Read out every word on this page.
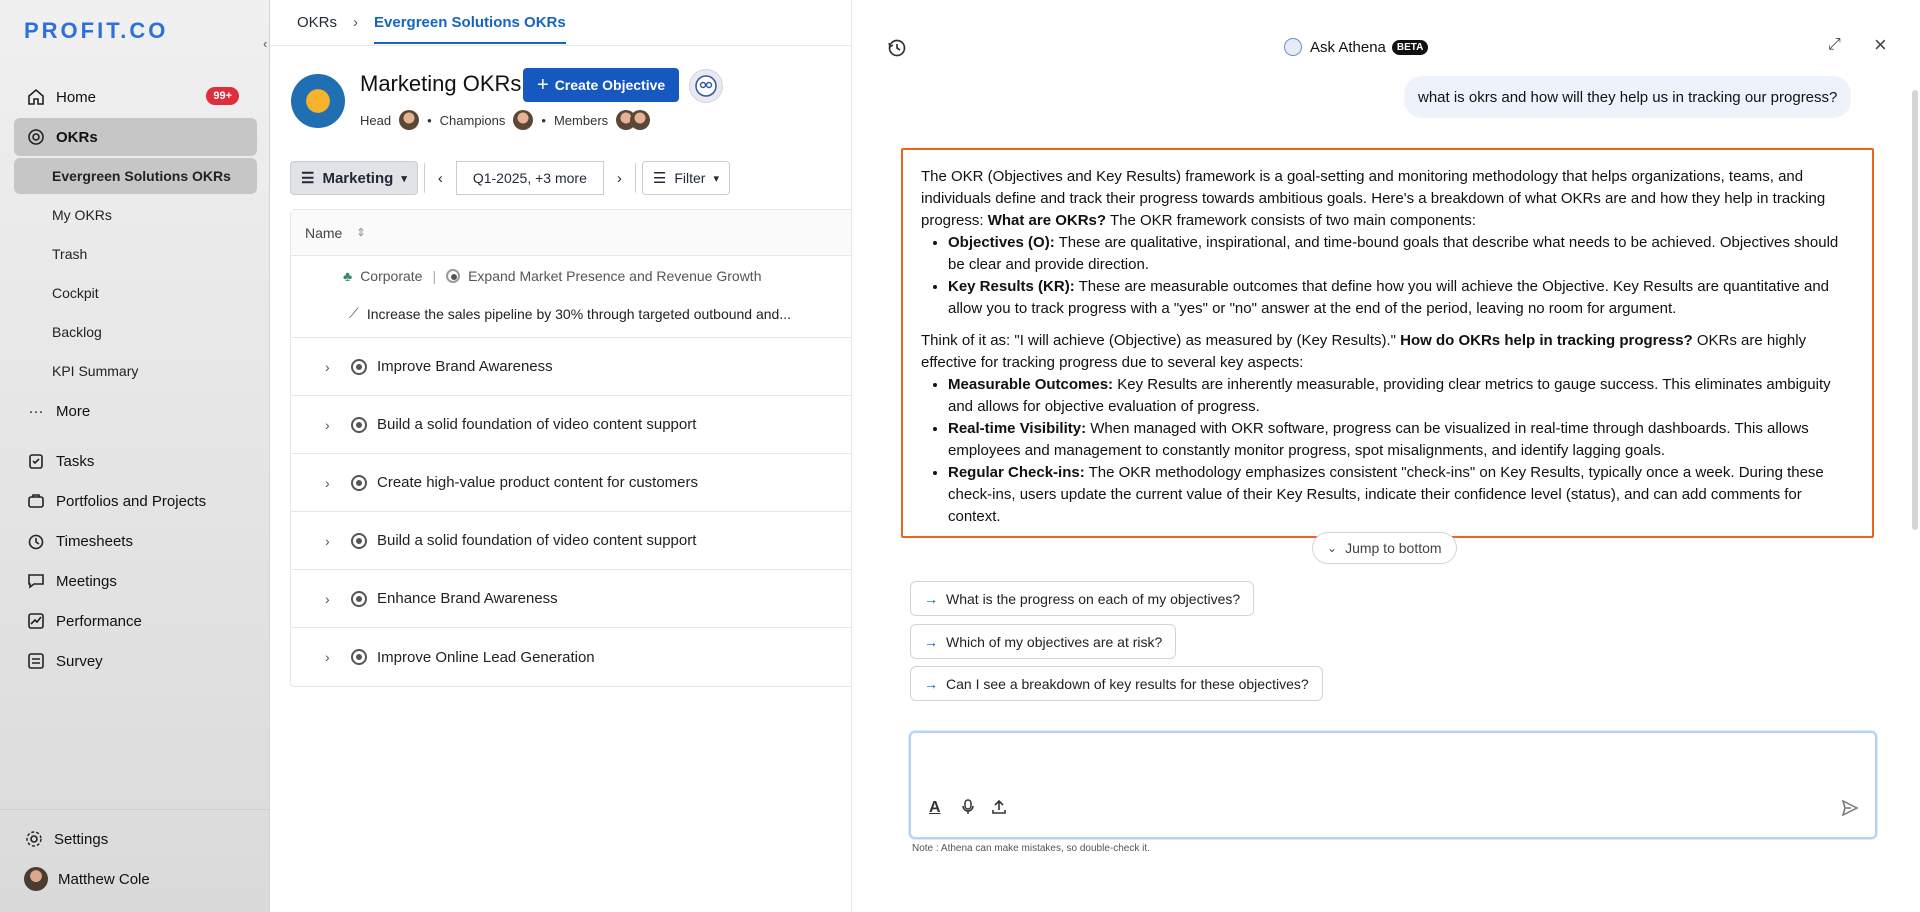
PROFIT.CO
Home	99+
OKRs
Evergreen Solutions OKRs
My OKRs
Trash
Cockpit
Backlog
KPI Summary
··· More
Tasks
Portfolios and Projects
Timesheets
Meetings
Performance
Survey
Settings
Matthew Cole
‹
OKRs › Evergreen Solutions OKRs
Marketing OKRs + Create Objective
Head	• Champions	• Members
☰ Marketing ▾	‹	Q1-2025, +3 more	›	☰ Filter ▾
Name ⇕
♣ Corporate | Expand Market Presence and Revenue Growth
⟋ Increase the sales pipeline by 30% through targeted outbound and...
›	Improve Brand Awareness
›	Build a solid foundation of video content support
›	Create high-value product content for customers
›	Build a solid foundation of video content support
›	Enhance Brand Awareness
›	Improve Online Lead Generation
Ask Athena	BETA	⤢ ×
what is okrs and how will they help us in tracking our progress?

The OKR (Objectives and Key Results) framework is a goal-setting and monitoring methodology that helps organizations, teams, and individuals define and track their progress towards ambitious goals. Here's a breakdown of what OKRs are and how they help in tracking progress: What are OKRs? The OKR framework consists of two main components:

• Objectives (O): These are qualitative, inspirational, and time-bound goals that describe what needs to be achieved. Objectives should be clear and provide direction.
• Key Results (KR): These are measurable outcomes that define how you will achieve the Objective. Key Results are quantitative and allow you to track progress with a "yes" or "no" answer at the end of the period, leaving no room for argument.

Think of it as: "I will achieve (Objective) as measured by (Key Results)." How do OKRs help in tracking progress? OKRs are highly effective for tracking progress due to several key aspects:

• Measurable Outcomes: Key Results are inherently measurable, providing clear metrics to gauge success. This eliminates ambiguity and allows for objective evaluation of progress.
• Real-time Visibility: When managed with OKR software, progress can be visualized in real-time through dashboards. This allows employees and management to constantly monitor progress, spot misalignments, and identify lagging goals.
• Regular Check-ins: The OKR methodology emphasizes consistent "check-ins" on Key Results, typically once a week. During these check-ins, users update the current value of their Key Results, indicate their confidence level (status), and can add comments for context.
⌄ Jump to bottom
→ What is the progress on each of my objectives?
→ Which of my objectives are at risk?
→ Can I see a breakdown of key results for these objectives?
A
Note : Athena can make mistakes, so double-check it.
